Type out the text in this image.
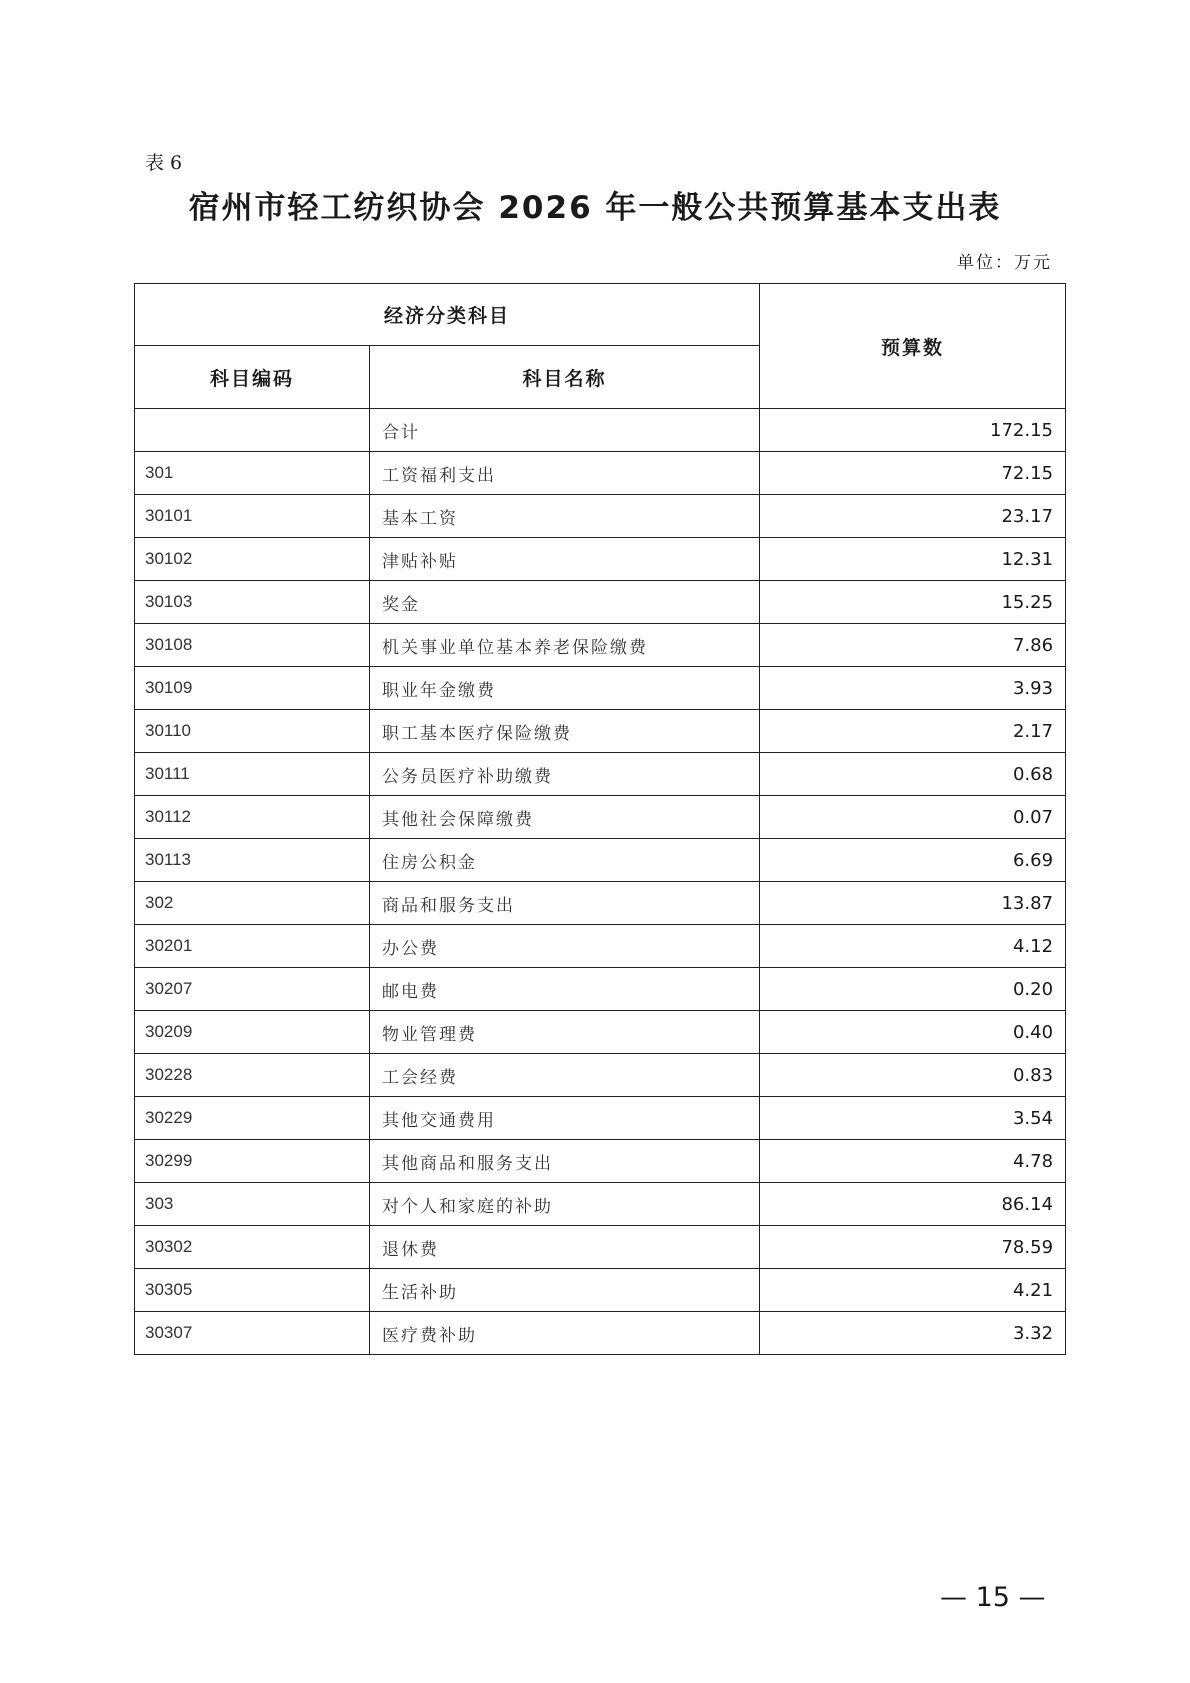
表 6
宿州市轻工纺织协会 2026 年一般公共预算基本支出表
单位：万元
经济分类科目		预算数
科目编码	科目名称	
	合计	172.15
301	工资福利支出	72.15
30101	基本工资	23.17
30102	津贴补贴	12.31
30103	奖金	15.25
30108	机关事业单位基本养老保险缴费	7.86
30109	职业年金缴费	3.93
30110	职工基本医疗保险缴费	2.17
30111	公务员医疗补助缴费	0.68
30112	其他社会保障缴费	0.07
30113	住房公积金	6.69
302	商品和服务支出	13.87
30201	办公费	4.12
30207	邮电费	0.20
30209	物业管理费	0.40
30228	工会经费	0.83
30229	其他交通费用	3.54
30299	其他商品和服务支出	4.78
303	对个人和家庭的补助	86.14
30302	退休费	78.59
30305	生活补助	4.21
30307	医疗费补助	3.32
— 15 —
